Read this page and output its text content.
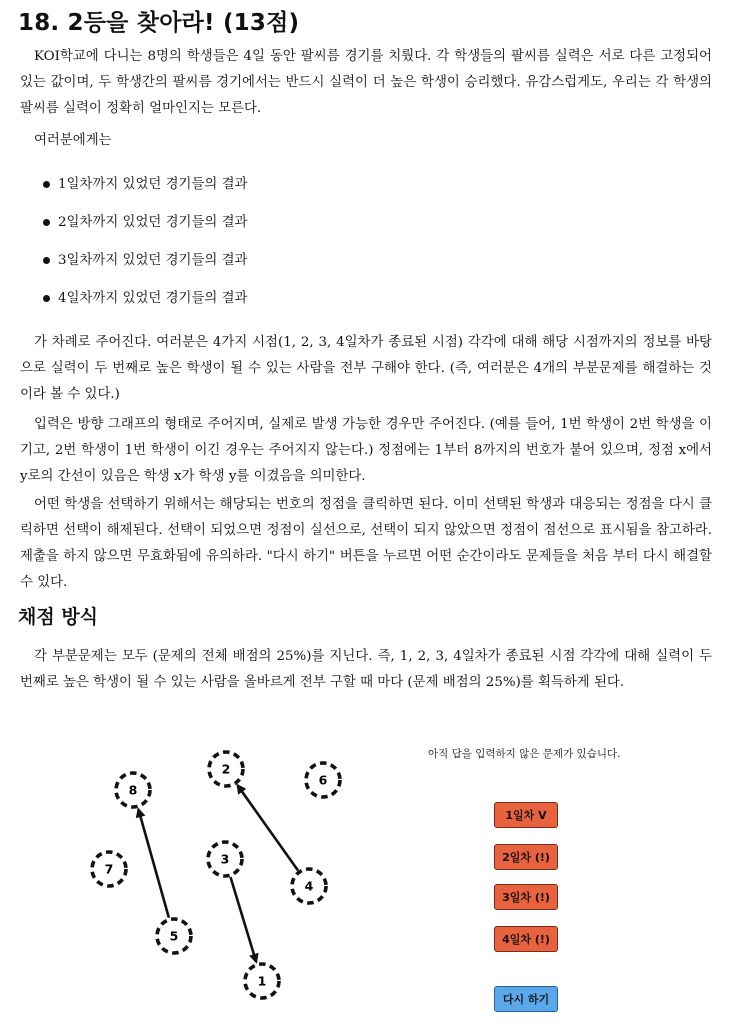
18. 2등을 찾아라! (13점)

KOI학교에 다니는 8명의 학생들은 4일 동안 팔씨름 경기를 치뤘다. 각 학생들의 팔씨름 실력은 서로 다른 고정되어 있는 값이며, 두 학생간의 팔씨름 경기에서는 반드시 실력이 더 높은 학생이 승리했다. 유감스럽게도, 우리는 각 학생의 팔씨름 실력이 정확히 얼마인지는 모른다.

여러분에게는

1일차까지 있었던 경기들의 결과
2일차까지 있었던 경기들의 결과
3일차까지 있었던 경기들의 결과
4일차까지 있었던 경기들의 결과

가 차례로 주어진다. 여러분은 4가지 시점(1, 2, 3, 4일차가 종료된 시점) 각각에 대해 해당 시점까지의 정보를 바탕으로 실력이 두 번째로 높은 학생이 될 수 있는 사람을 전부 구해야 한다. (즉, 여러분은 4개의 부분문제를 해결하는 것이라 볼 수 있다.)

입력은 방향 그래프의 형태로 주어지며, 실제로 발생 가능한 경우만 주어진다. (예를 들어, 1번 학생이 2번 학생을 이기고, 2번 학생이 1번 학생이 이긴 경우는 주어지지 않는다.) 정점에는 1부터 8까지의 번호가 붙어 있으며, 정점 x에서 y로의 간선이 있음은 학생 x가 학생 y를 이겼음을 의미한다.

어떤 학생을 선택하기 위해서는 해당되는 번호의 정점을 클릭하면 된다. 이미 선택된 학생과 대응되는 정점을 다시 클릭하면 선택이 해제된다. 선택이 되었으면 정점이 실선으로, 선택이 되지 않았으면 정점이 점선으로 표시됨을 참고하라. 제출을 하지 않으면 무효화됨에 유의하라. "다시 하기" 버튼을 누르면 어떤 순간이라도 문제들을 처음 부터 다시 해결할 수 있다.

채점 방식

각 부분문제는 모두 (문제의 전체 배점의 25%)를 지닌다. 즉, 1, 2, 3, 4일차가 종료된 시점 각각에 대해 실력이 두 번째로 높은 학생이 될 수 있는 사람을 올바르게 전부 구할 때 마다 (문제 배점의 25%)를 획득하게 된다.

1
2
3
4
5
6
7
8
아직 답을 입력하지 않은 문제가 있습니다.
1일차 V
2일차 (!)
3일차 (!)
4일차 (!)
다시 하기
